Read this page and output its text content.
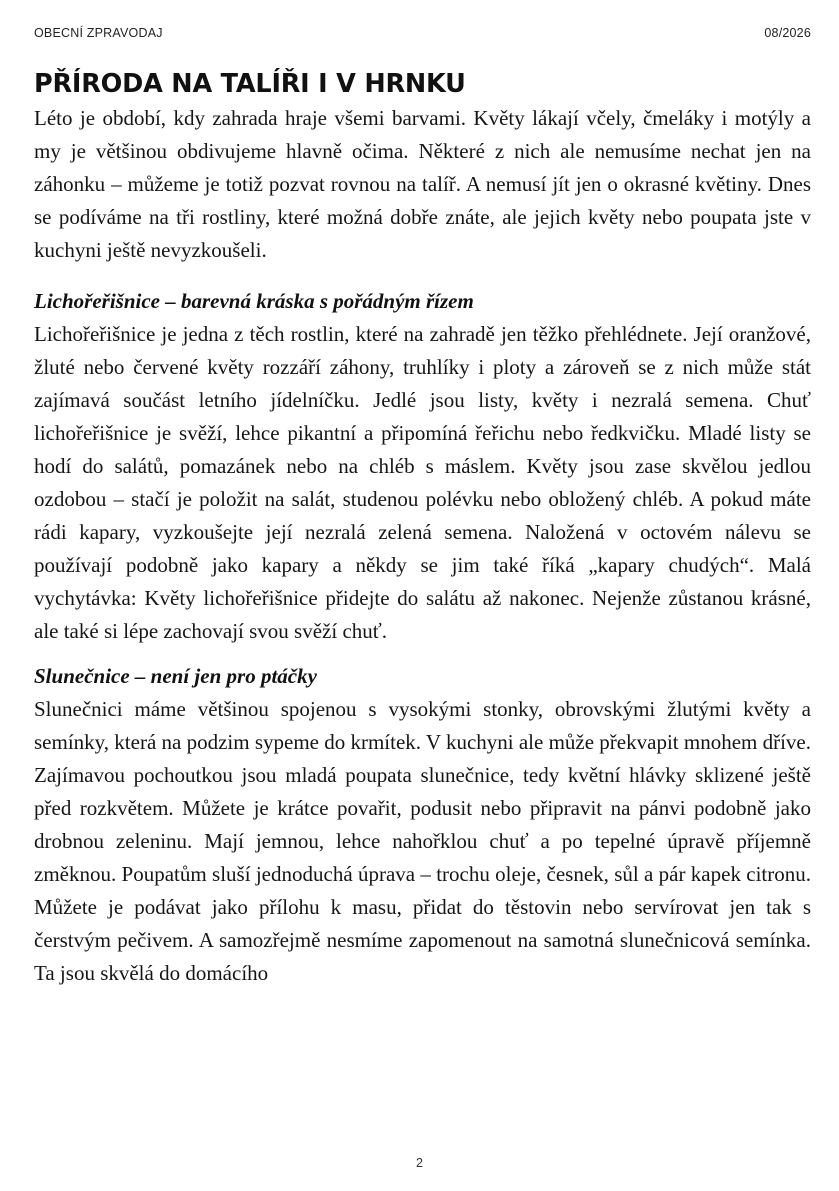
OBECNÍ ZPRAVODAJ	08/2026
PŘÍRODA NA TALÍŘI I V HRNKU

Léto je období, kdy zahrada hraje všemi barvami. Květy lákají včely, čmeláky i motýly a my je většinou obdivujeme hlavně očima. Některé z nich ale nemusíme nechat jen na záhonku – můžeme je totiž pozvat rovnou na talíř. A nemusí jít jen o okrasné květiny. Dnes se podíváme na tři rostliny, které možná dobře znáte, ale jejich květy nebo poupata jste v kuchyni ještě nevyzkoušeli.

Lichořeřišnice – barevná kráska s pořádným řízem

Lichořeřišnice je jedna z těch rostlin, které na zahradě jen těžko přehlédnete. Její oranžové, žluté nebo červené květy rozzáří záhony, truhlíky i ploty a zároveň se z nich může stát zajímavá součást letního jídelníčku. Jedlé jsou listy, květy i nezralá semena. Chuť lichořeřišnice je svěží, lehce pikantní a připomíná řeřichu nebo ředkvičku. Mladé listy se hodí do salátů, pomazánek nebo na chléb s máslem. Květy jsou zase skvělou jedlou ozdobou – stačí je položit na salát, studenou polévku nebo obložený chléb. A pokud máte rádi kapary, vyzkoušejte její nezralá zelená semena. Naložená v octovém nálevu se používají podobně jako kapary a někdy se jim také říká „kapary chudých“. Malá vychytávka: Květy lichořeřišnice přidejte do salátu až nakonec. Nejenže zůstanou krásné, ale také si lépe zachovají svou svěží chuť.

Slunečnice – není jen pro ptáčky

Slunečnici máme většinou spojenou s vysokými stonky, obrovskými žlutými květy a semínky, která na podzim sypeme do krmítek. V kuchyni ale může překvapit mnohem dříve. Zajímavou pochoutkou jsou mladá poupata slunečnice, tedy květní hlávky sklizené ještě před rozkvětem. Můžete je krátce povařit, podusit nebo připravit na pánvi podobně jako drobnou zeleninu. Mají jemnou, lehce nahořklou chuť a po tepelné úpravě příjemně změknou. Poupatům sluší jednoduchá úprava – trochu oleje, česnek, sůl a pár kapek citronu. Můžete je podávat jako přílohu k masu, přidat do těstovin nebo servírovat jen tak s čerstvým pečivem. A samozřejmě nesmíme zapomenout na samotná slunečnicová semínka. Ta jsou skvělá do domácího

2
